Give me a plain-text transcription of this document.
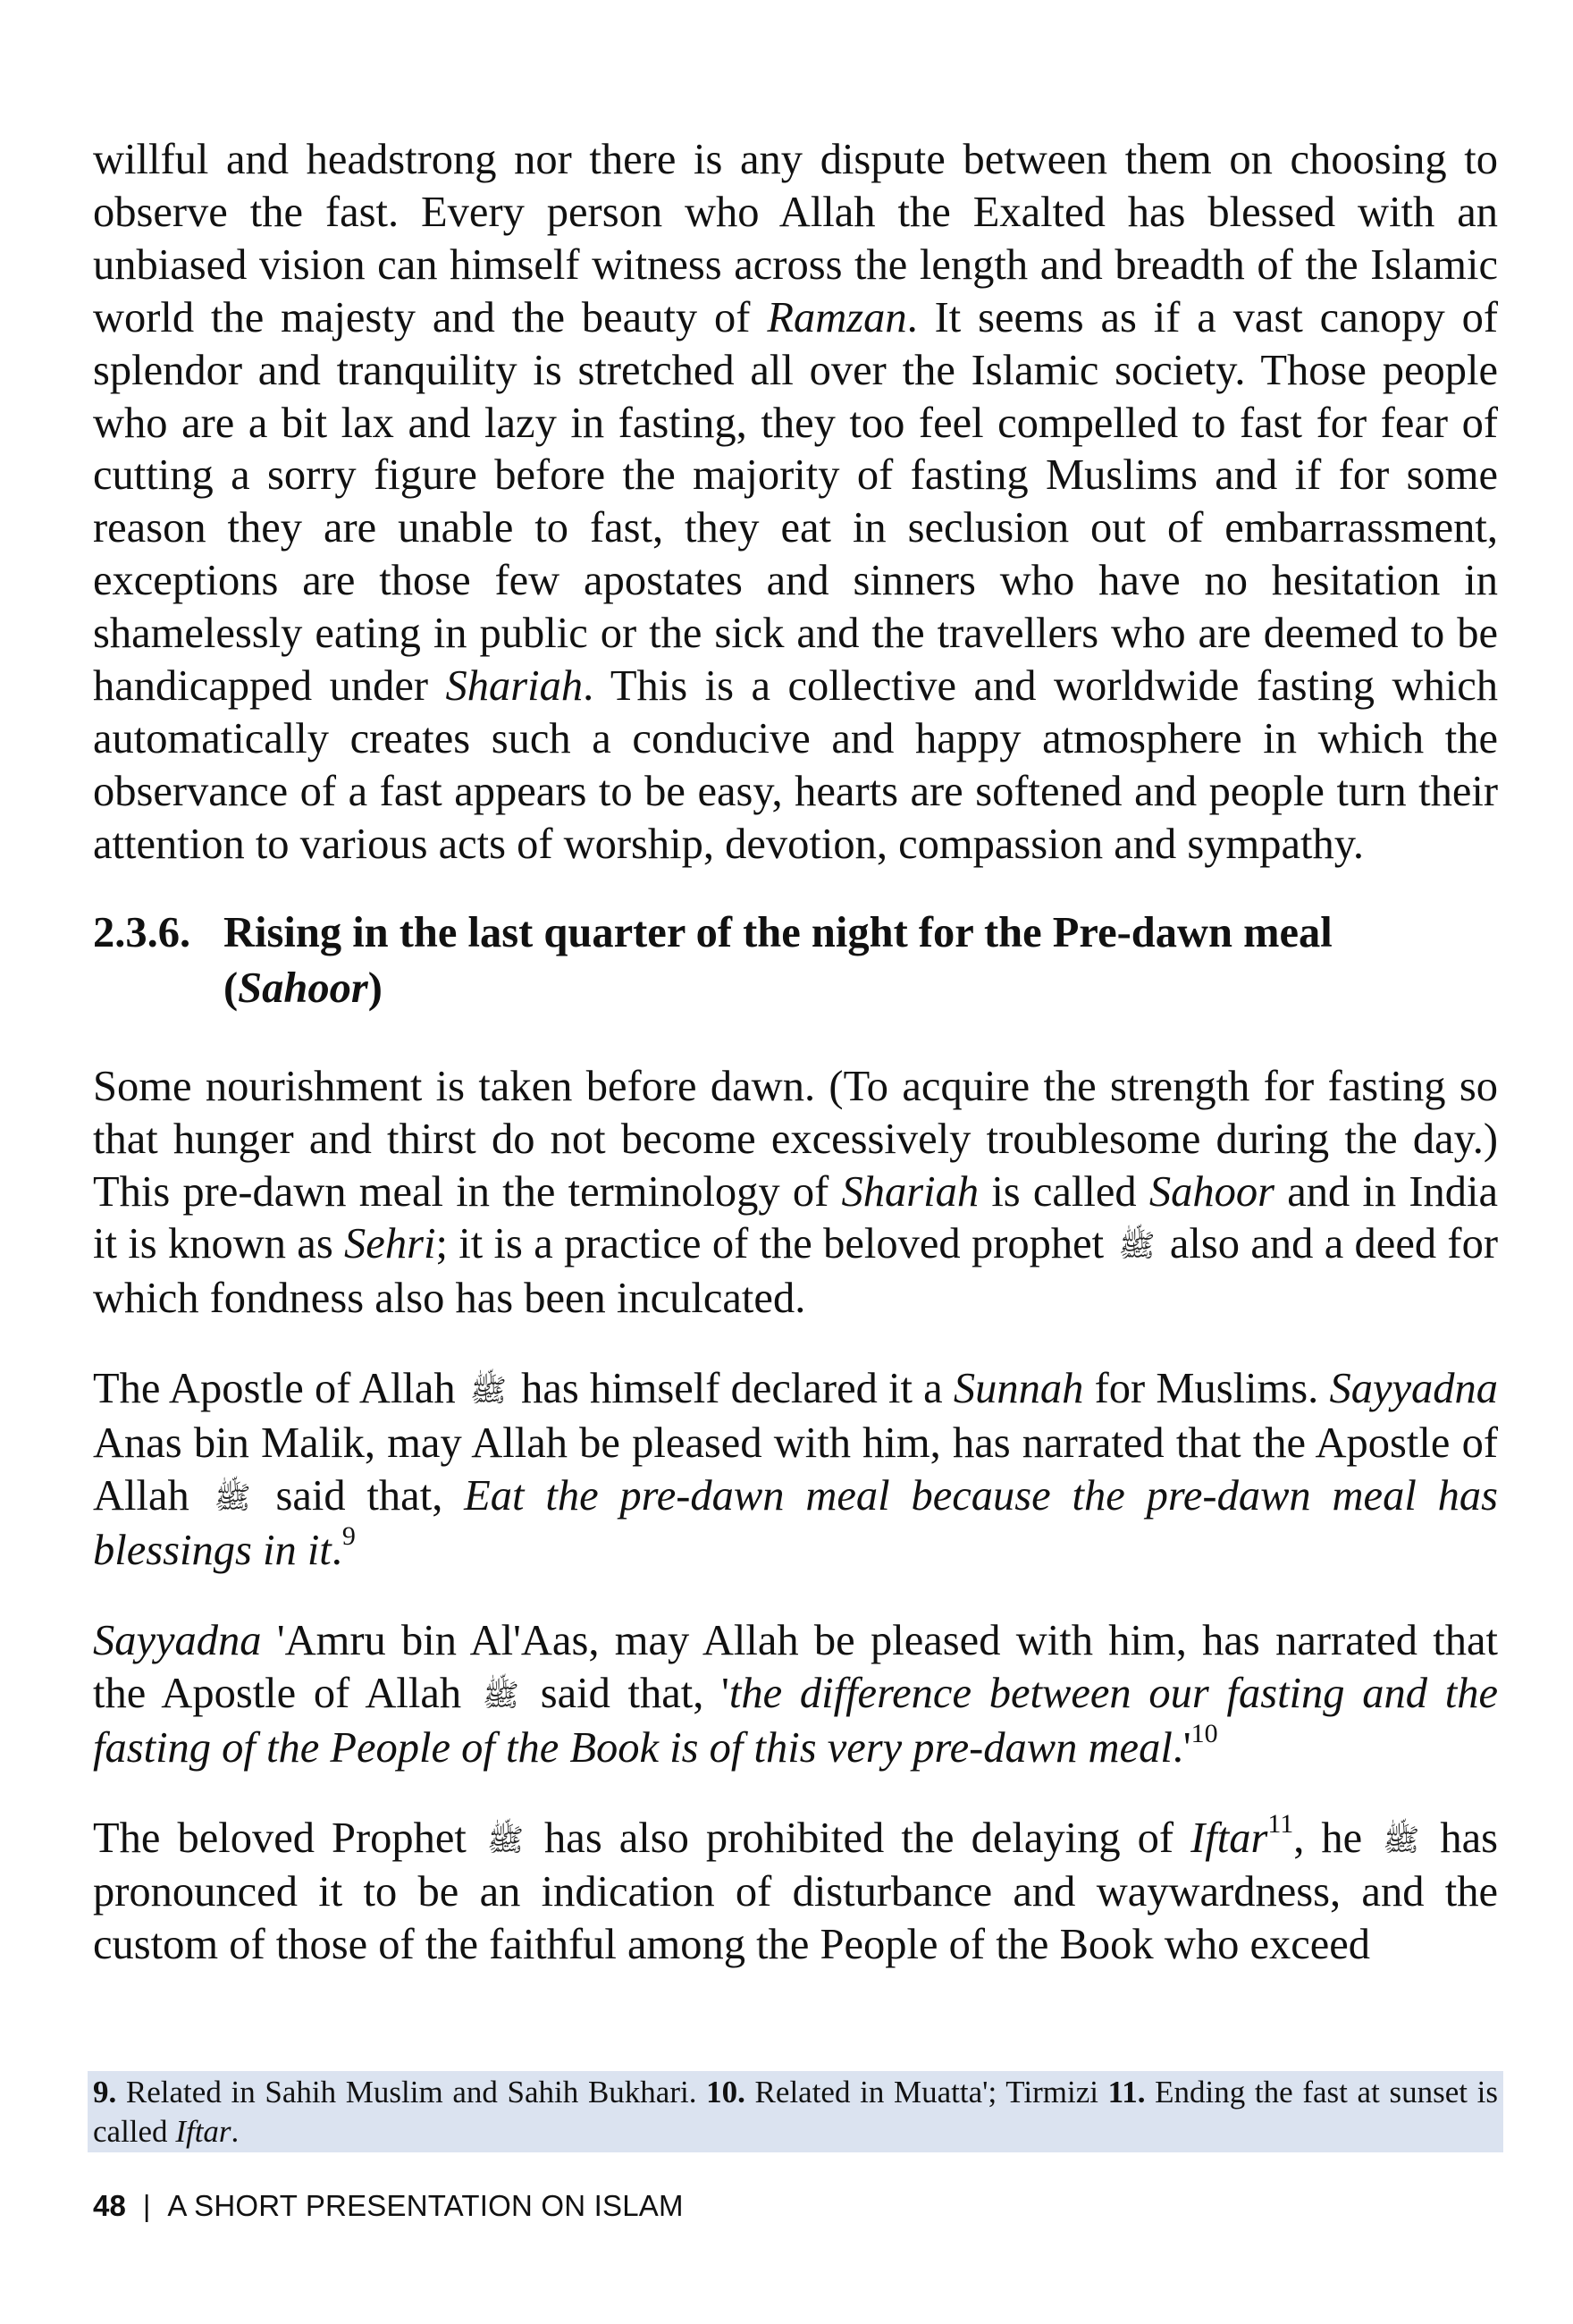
willful and headstrong nor there is any dispute between them on choosing to observe the fast. Every person who Allah the Exalted has blessed with an unbiased vision can himself witness across the length and breadth of the Islamic world the majesty and the beauty of Ramzan. It seems as if a vast canopy of splendor and tranquility is stretched all over the Islamic society. Those people who are a bit lax and lazy in fasting, they too feel compelled to fast for fear of cutting a sorry figure before the majority of fasting Muslims and if for some reason they are unable to fast, they eat in seclusion out of embarrassment, exceptions are those few apostates and sinners who have no hesitation in shamelessly eating in public or the sick and the travellers who are deemed to be handicapped under Shariah. This is a collective and worldwide fasting which automatically creates such a conducive and happy atmosphere in which the observance of a fast appears to be easy, hearts are softened and people turn their attention to various acts of worship, devotion, compassion and sympathy.

2.3.6. Rising in the last quarter of the night for the Pre-dawn meal (Sahoor)

Some nourishment is taken before dawn. (To acquire the strength for fasting so that hunger and thirst do not become excessively troublesome during the day.) This pre-dawn meal in the terminology of Shariah is called Sahoor and in India it is known as Sehri; it is a practice of the beloved prophet ﷺ also and a deed for which fondness also has been inculcated.

The Apostle of Allah ﷺ has himself declared it a Sunnah for Muslims. Sayyadna Anas bin Malik, may Allah be pleased with him, has narrated that the Apostle of Allah ﷺ said that, Eat the pre-dawn meal because the pre-dawn meal has blessings in it.$^9$

Sayyadna 'Amru bin Al'Aas, may Allah be pleased with him, has narrated that the Apostle of Allah ﷺ said that, 'the difference between our fasting and the fasting of the People of the Book is of this very pre-dawn $meal.'^{10}$

The beloved Prophet ﷺ has also prohibited the delaying of Iftar$^{11}$, he ﷺ has pronounced it to be an indication of disturbance and waywardness, and the custom of those of the faithful among the People of the Book who exceed

9. Related in Sahih Muslim and Sahih Bukhari. 10. Related in Muatta'; Tirmizi 11. Ending the fast at sunset is called Iftar.
48 | A SHORT PRESENTATION ON ISLAM
